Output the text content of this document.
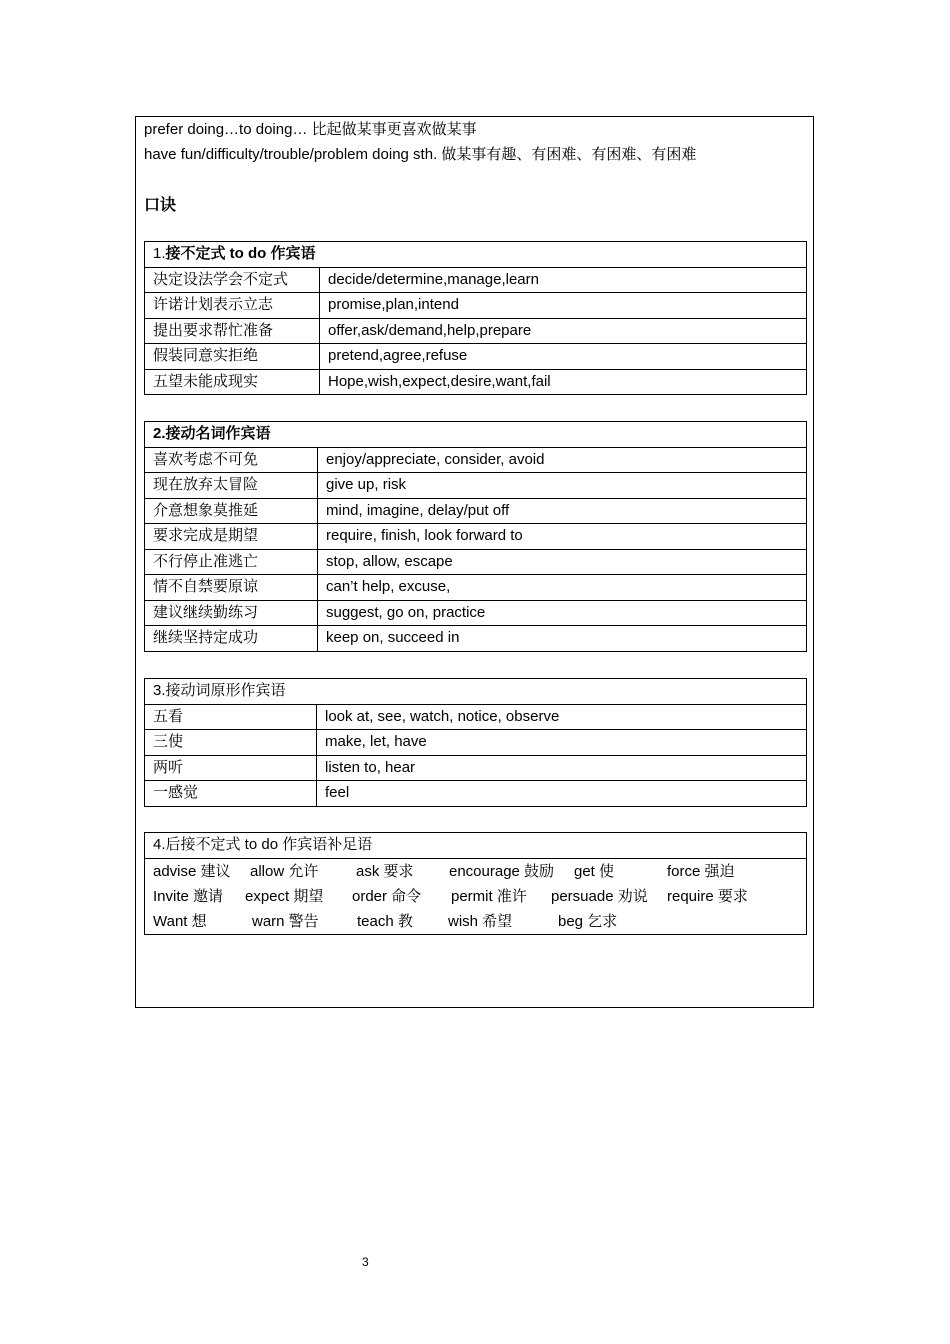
prefer doing…to doing… 比起做某事更喜欢做某事
have fun/difficulty/trouble/problem doing sth. 做某事有趣、有困难、有困难、有困难
口诀
1.接不定式 to do 作宾语	
决定设法学会不定式	decide/determine,manage,learn
许诺计划表示立志	promise,plan,intend
提出要求帮忙准备	offer,ask/demand,help,prepare
假装同意实拒绝	pretend,agree,refuse
五望未能成现实	Hope,wish,expect,desire,want,fail
2.接动名词作宾语	
喜欢考虑不可免	enjoy/appreciate, consider, avoid
现在放弃太冒险	give up, risk
介意想象莫推延	mind, imagine, delay/put off
要求完成是期望	require, finish, look forward to
不行停止准逃亡	stop, allow, escape
情不自禁要原谅	can’t help, excuse,
建议继续勤练习	suggest, go on, practice
继续坚持定成功	keep on, succeed in
3.接动词原形作宾语	
五看	look at, see, watch, notice, observe
三使	make, let, have
两听	listen to, hear
一感觉	feel
4.后接不定式 to do 作宾语补足语

advise 建议 allow 允许	ask 要求 encourage 鼓励 get 使	force 强迫
Invite 邀请 expect 期望 order 命令 permit 准许 persuade 劝说 require 要求
Want 想	warn 警告	teach 教 wish 希望	beg 乞求
3
